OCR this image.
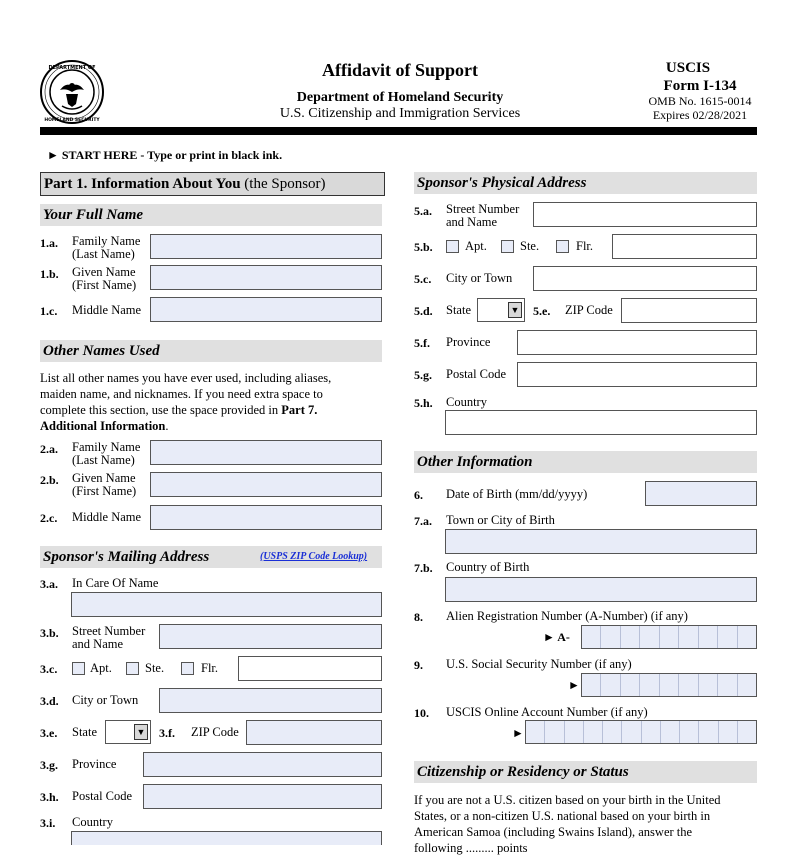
DEPARTMENT OF
HOMELAND SECURITY
Affidavit of Support
Department of Homeland Security
U.S. Citizenship and Immigration Services
USCIS
Form I-134
OMB No. 1615-0014
Expires 02/28/2021
► START HERE - Type or print in black ink.
Part 1. Information About You (the Sponsor)
Your Full Name
1.a. Family Name
(Last Name)
1.b. Given Name
(First Name)
1.c. Middle Name
Other Names Used
List all other names you have ever used, including aliases,
maiden name, and nicknames. If you need extra space to
complete this section, use the space provided in Part 7.
Additional Information.
2.a. Family Name
(Last Name)
2.b. Given Name
(First Name)
2.c. Middle Name
Sponsor's Mailing Address	(USPS ZIP Code Lookup)
3.a. In Care Of Name
3.b. Street Number
and Name
3.c.	Apt.	Ste.	Flr.
3.d. City or Town
3.e. State	▼ 3.f. ZIP Code
3.g. Province
3.h. Postal Code
3.i. Country
Sponsor's Physical Address
5.a. Street Number
and Name
5.b.	Apt.	Ste.	Flr.
5.c. City or Town
5.d. State	▼ 5.e. ZIP Code
5.f. Province
5.g. Postal Code
5.h. Country
Other Information
6. Date of Birth (mm/dd/yyyy)
7.a. Town or City of Birth
7.b. Country of Birth
8. Alien Registration Number (A-Number) (if any)
► A-
9. U.S. Social Security Number (if any)
►
10. USCIS Online Account Number (if any)
►
Citizenship or Residency or Status
If you are not a U.S. citizen based on your birth in the United
States, or a non-citizen U.S. national based on your birth in
American Samoa (including Swains Island), answer the
following ......... points
